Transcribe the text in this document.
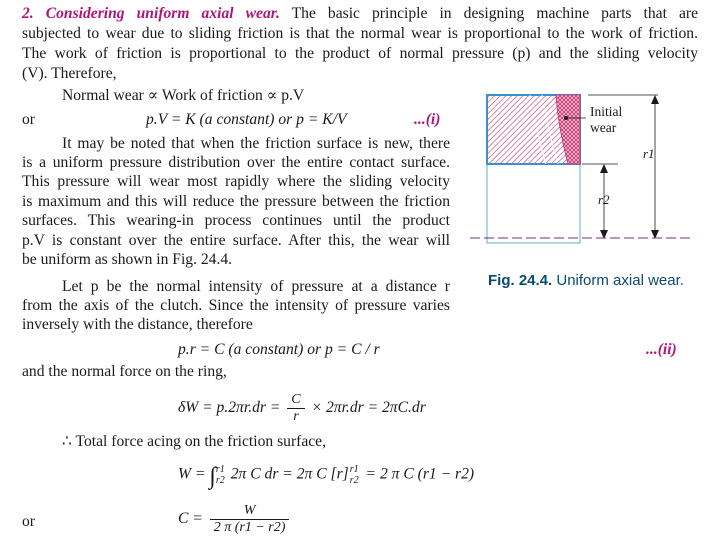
2. Considering uniform axial wear. The basic principle in designing machine parts that are
subjected to wear due to sliding friction is that the normal wear is proportional to the work of friction.
The work of friction is proportional to the product of normal pressure (p) and the sliding velocity
(V). Therefore,
Normal wear ∝ Work of friction ∝ p.V
or	p.V = K (a constant) or p = K/V	...(i)
It may be noted that when the friction surface is new, there
is a uniform pressure distribution over the entire contact surface.
This pressure will wear most rapidly where the sliding velocity
is maximum and this will reduce the pressure between the friction
surfaces. This wearing-in process continues until the product
p.V is constant over the entire surface. After this, the wear will
be uniform as shown in Fig. 24.4.
Let p be the normal intensity of pressure at a distance r
from the axis of the clutch. Since the intensity of pressure varies
inversely with the distance, therefore
p.r = C (a constant) or p = C / r	...(ii)
and the normal force on the ring,
$\delta W = p.2\pi r.dr = \frac{C}{r} \times 2\pi r.dr = 2\pi C.dr$
∴ Total force acing on the friction surface,
W = ∫ r1
r2 2π C dr = 2π C [r] r1
r2 = 2 π C (r1 − r2)
or	$C = \frac{W}{2 \pi (r1 - r2)}$
Initial
wear
r1
r2
Fig. 24.4. Uniform axial wear.
